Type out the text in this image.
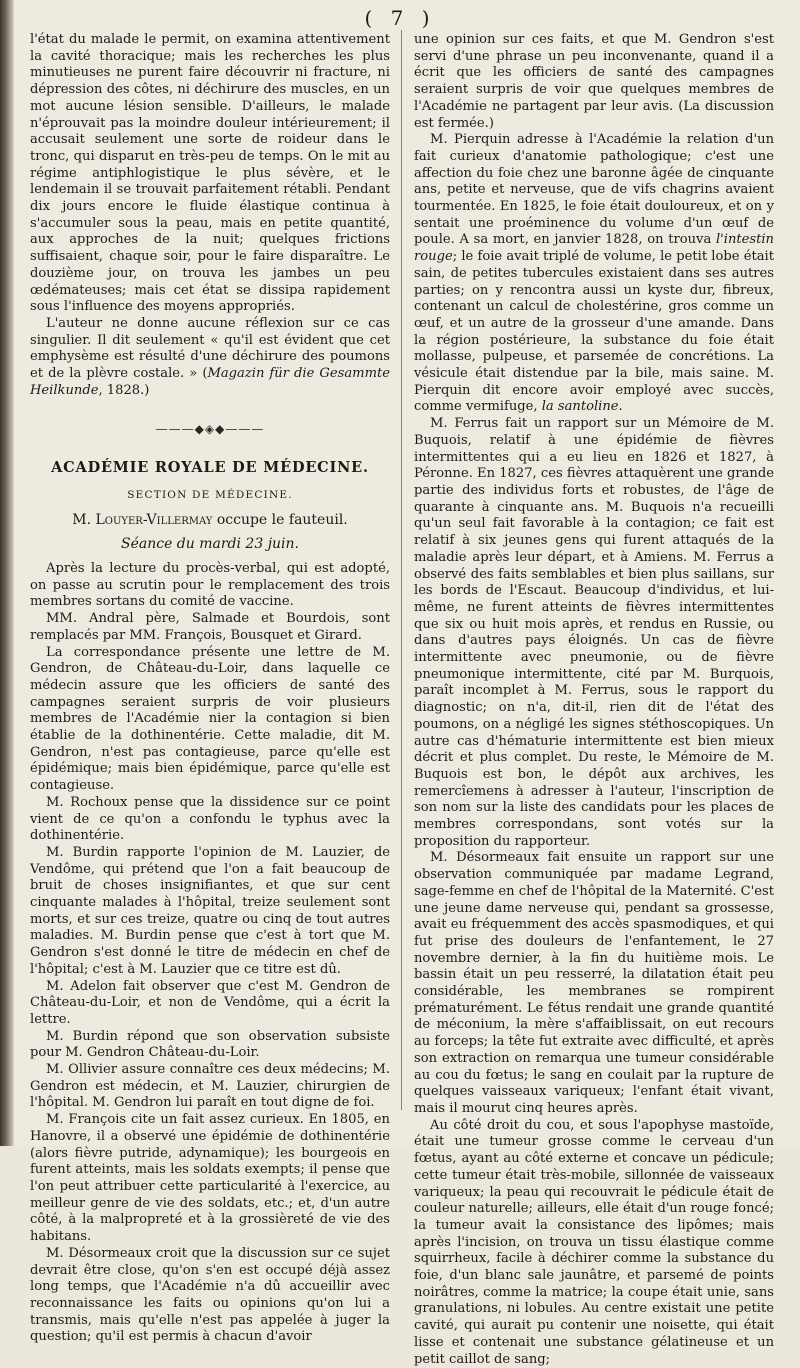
( 7 )

l'état du malade le permit, on examina attentivement la cavité thoracique; mais les recherches les plus minutieuses ne purent faire découvrir ni fracture, ni dépression des côtes, ni déchirure des muscles, en un mot aucune lésion sensible. D'ailleurs, le malade n'éprouvait pas la moindre douleur intérieurement; il accusait seulement une sorte de roideur dans le tronc, qui disparut en très-peu de temps. On le mit au régime antiphlogistique le plus sévère, et le lendemain il se trouvait parfaitement rétabli. Pendant dix jours encore le fluide élastique continua à s'accumuler sous la peau, mais en petite quantité, aux approches de la nuit; quelques frictions suffisaient, chaque soir, pour le faire disparaître. Le douzième jour, on trouva les jambes un peu œdémateuses; mais cet état se dissipa rapidement sous l'influence des moyens appropriés.

L'auteur ne donne aucune réflexion sur ce cas singulier. Il dit seulement « qu'il est évident que cet emphysème est résulté d'une déchirure des poumons et de la plèvre costale. » (Magazin für die Gesammte Heilkunde, 1828.)

———◆◈◆———
ACADÉMIE ROYALE DE MÉDECINE.
SECTION DE MÉDECINE.
M. Louyer-Villermay occupe le fauteuil.
Séance du mardi 23 juin.

Après la lecture du procès-verbal, qui est adopté, on passe au scrutin pour le remplacement des trois membres sortans du comité de vaccine.

MM. Andral père, Salmade et Bourdois, sont remplacés par MM. François, Bousquet et Girard.

La correspondance présente une lettre de M. Gendron, de Château-du-Loir, dans laquelle ce médecin assure que les officiers de santé des campagnes seraient surpris de voir plusieurs membres de l'Académie nier la contagion si bien établie de la dothinentérie. Cette maladie, dit M. Gendron, n'est pas contagieuse, parce qu'elle est épidémique; mais bien épidémique, parce qu'elle est contagieuse.

M. Rochoux pense que la dissidence sur ce point vient de ce qu'on a confondu le typhus avec la dothinentérie.

M. Burdin rapporte l'opinion de M. Lauzier, de Vendôme, qui prétend que l'on a fait beaucoup de bruit de choses insignifiantes, et que sur cent cinquante malades à l'hôpital, treize seulement sont morts, et sur ces treize, quatre ou cinq de tout autres maladies. M. Burdin pense que c'est à tort que M. Gendron s'est donné le titre de médecin en chef de l'hôpital; c'est à M. Lauzier que ce titre est dû.

M. Adelon fait observer que c'est M. Gendron de Château-du-Loir, et non de Vendôme, qui a écrit la lettre.

M. Burdin répond que son observation subsiste pour M. Gendron Château-du-Loir.

M. Ollivier assure connaître ces deux médecins; M. Gendron est médecin, et M. Lauzier, chirurgien de l'hôpital. M. Gendron lui paraît en tout digne de foi.

M. François cite un fait assez curieux. En 1805, en Hanovre, il a observé une épidémie de dothinentérie (alors fièvre putride, adynamique); les bourgeois en furent atteints, mais les soldats exempts; il pense que l'on peut attribuer cette particularité à l'exercice, au meilleur genre de vie des soldats, etc.; et, d'un autre côté, à la malpropreté et à la grossièreté de vie des habitans.

M. Désormeaux croit que la discussion sur ce sujet devrait être close, qu'on s'en est occupé déjà assez long temps, que l'Académie n'a dû accueillir avec reconnaissance les faits ou opinions qu'on lui a transmis, mais qu'elle n'est pas appelée à juger la question; qu'il est permis à chacun d'avoir

une opinion sur ces faits, et que M. Gendron s'est servi d'une phrase un peu inconvenante, quand il a écrit que les officiers de santé des campagnes seraient surpris de voir que quelques membres de l'Académie ne partagent par leur avis. (La discussion est fermée.)

M. Pierquin adresse à l'Académie la relation d'un fait curieux d'anatomie pathologique; c'est une affection du foie chez une baronne âgée de cinquante ans, petite et nerveuse, que de vifs chagrins avaient tourmentée. En 1825, le foie était douloureux, et on y sentait une proéminence du volume d'un œuf de poule. A sa mort, en janvier 1828, on trouva l'intestin rouge; le foie avait triplé de volume, le petit lobe était sain, de petites tubercules existaient dans ses autres parties; on y rencontra aussi un kyste dur, fibreux, contenant un calcul de cholestérine, gros comme un œuf, et un autre de la grosseur d'une amande. Dans la région postérieure, la substance du foie était mollasse, pulpeuse, et parsemée de concrétions. La vésicule était distendue par la bile, mais saine. M. Pierquin dit encore avoir employé avec succès, comme vermifuge, la santoline.

M. Ferrus fait un rapport sur un Mémoire de M. Buquois, relatif à une épidémie de fièvres intermittentes qui a eu lieu en 1826 et 1827, à Péronne. En 1827, ces fièvres attaquèrent une grande partie des individus forts et robustes, de l'âge de quarante à cinquante ans. M. Buquois n'a recueilli qu'un seul fait favorable à la contagion; ce fait est relatif à six jeunes gens qui furent attaqués de la maladie après leur départ, et à Amiens. M. Ferrus a observé des faits semblables et bien plus saillans, sur les bords de l'Escaut. Beaucoup d'individus, et lui-même, ne furent atteints de fièvres intermittentes que six ou huit mois après, et rendus en Russie, ou dans d'autres pays éloignés. Un cas de fièvre intermittente avec pneumonie, ou de fièvre pneumonique intermittente, cité par M. Burquois, paraît incomplet à M. Ferrus, sous le rapport du diagnostic; on n'a, dit-il, rien dit de l'état des poumons, on a négligé les signes stéthoscopiques. Un autre cas d'hématurie intermittente est bien mieux décrit et plus complet. Du reste, le Mémoire de M. Buquois est bon, le dépôt aux archives, les remercîemens à adresser à l'auteur, l'inscription de son nom sur la liste des candidats pour les places de membres correspondans, sont votés sur la proposition du rapporteur.

M. Désormeaux fait ensuite un rapport sur une observation communiquée par madame Legrand, sage-femme en chef de l'hôpital de la Maternité. C'est une jeune dame nerveuse qui, pendant sa grossesse, avait eu fréquemment des accès spasmodiques, et qui fut prise des douleurs de l'enfantement, le 27 novembre dernier, à la fin du huitième mois. Le bassin était un peu resserré, la dilatation était peu considérable, les membranes se rompirent prématurément. Le fétus rendait une grande quantité de méconium, la mère s'affaiblissait, on eut recours au forceps; la tête fut extraite avec difficulté, et après son extraction on remarqua une tumeur considérable au cou du fœtus; le sang en coulait par la rupture de quelques vaisseaux variqueux; l'enfant était vivant, mais il mourut cinq heures après.

Au côté droit du cou, et sous l'apophyse mastoïde, était une tumeur grosse comme le cerveau d'un fœtus, ayant au côté externe et concave un pédicule; cette tumeur était très-mobile, sillonnée de vaisseaux variqueux; la peau qui recouvrait le pédicule était de couleur naturelle; ailleurs, elle était d'un rouge foncé; la tumeur avait la consistance des lipômes; mais après l'incision, on trouva un tissu élastique comme squirrheux, facile à déchirer comme la substance du foie, d'un blanc sale jaunâtre, et parsemé de points noirâtres, comme la matrice; la coupe était unie, sans granulations, ni lobules. Au centre existait une petite cavité, qui aurait pu contenir une noisette, qui était lisse et contenait une substance gélatineuse et un petit caillot de sang;
